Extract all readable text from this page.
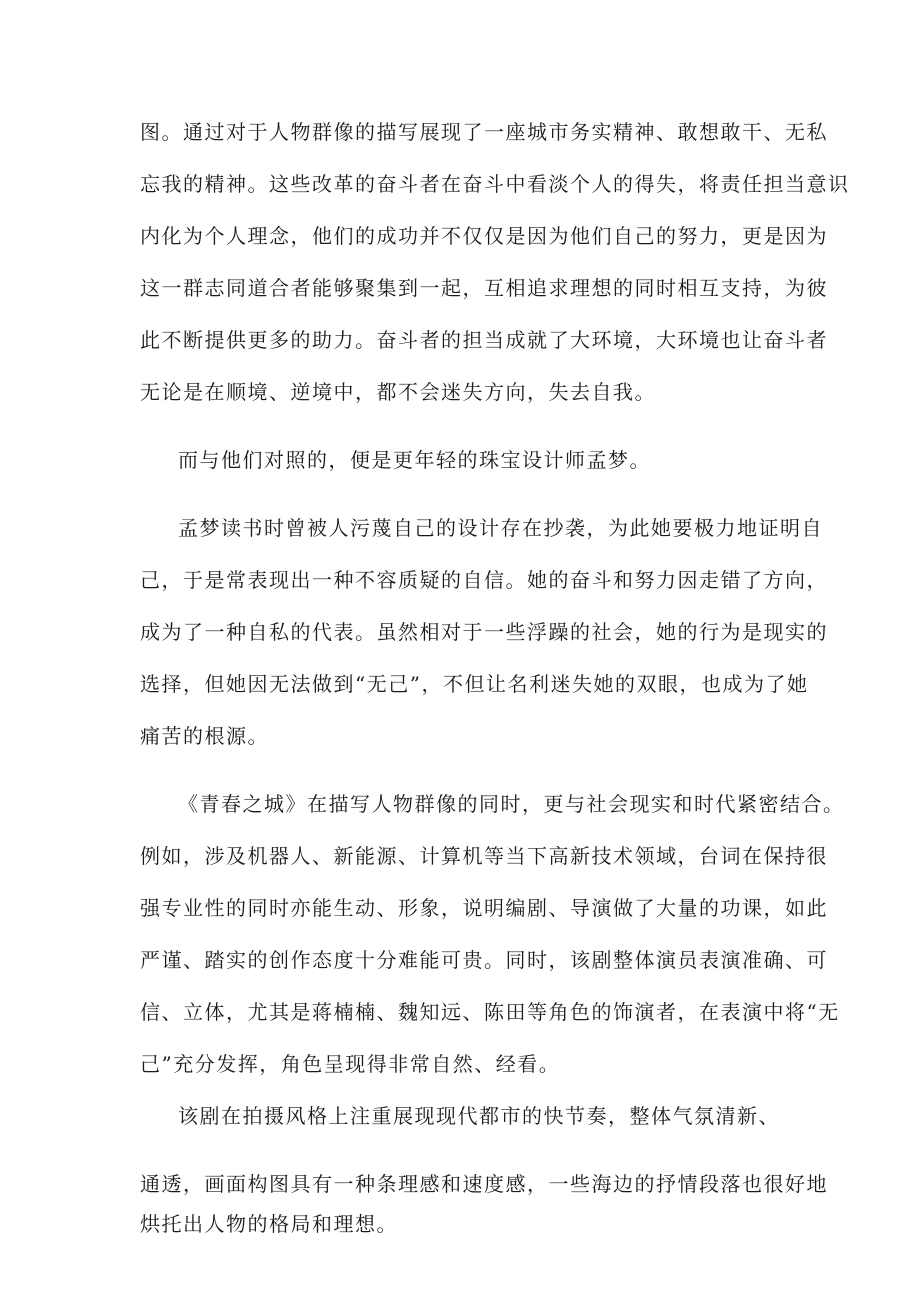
图。通过对于人物群像的描写展现了一座城市务实精神、敢想敢干、无私
忘我的精神。这些改革的奋斗者在奋斗中看淡个人的得失，将责任担当意识
内化为个人理念，他们的成功并不仅仅是因为他们自己的努力，更是因为
这一群志同道合者能够聚集到一起，互相追求理想的同时相互支持，为彼
此不断提供更多的助力。奋斗者的担当成就了大环境，大环境也让奋斗者
无论是在顺境、逆境中，都不会迷失方向，失去自我。
而与他们对照的，便是更年轻的珠宝设计师孟梦。
孟梦读书时曾被人污蔑自己的设计存在抄袭，为此她要极力地证明自
己，于是常表现出一种不容质疑的自信。她的奋斗和努力因走错了方向，
成为了一种自私的代表。虽然相对于一些浮躁的社会，她的行为是现实的
选择，但她因无法做到“无己”，不但让名利迷失她的双眼，也成为了她
痛苦的根源。
《青春之城》在描写人物群像的同时，更与社会现实和时代紧密结合。
例如，涉及机器人、新能源、计算机等当下高新技术领域，台词在保持很
强专业性的同时亦能生动、形象，说明编剧、导演做了大量的功课，如此
严谨、踏实的创作态度十分难能可贵。同时，该剧整体演员表演准确、可
信、立体，尤其是蒋楠楠、魏知远、陈田等角色的饰演者，在表演中将“无
己”充分发挥，角色呈现得非常自然、经看。
该剧在拍摄风格上注重展现现代都市的快节奏，整体气氛清新、
通透，画面构图具有一种条理感和速度感，一些海边的抒情段落也很好地
烘托出人物的格局和理想。
